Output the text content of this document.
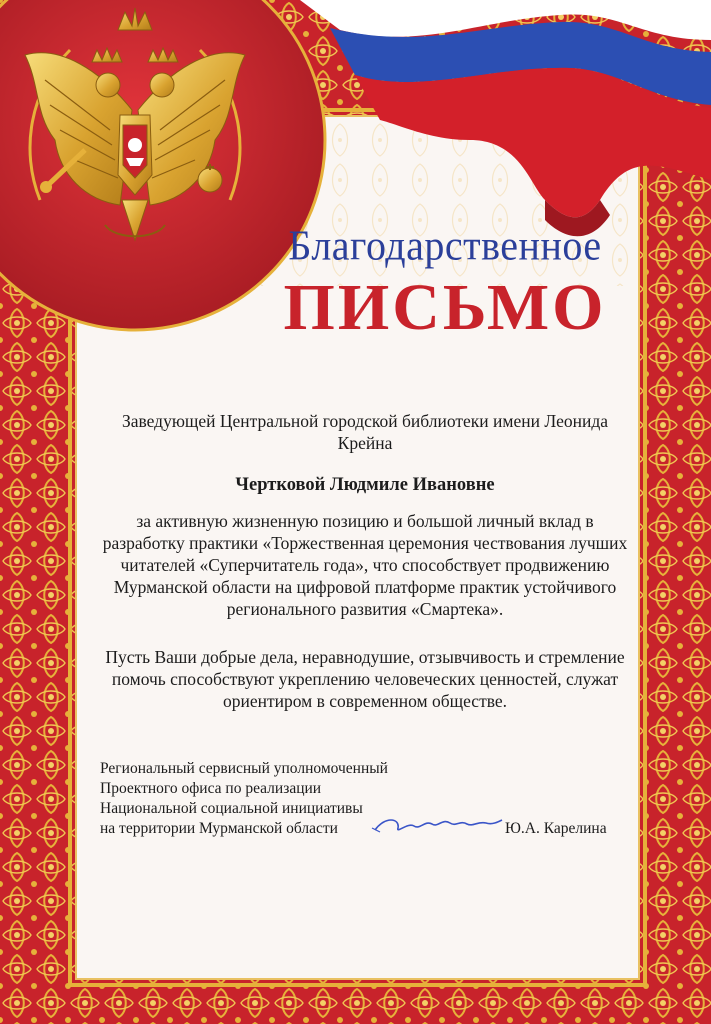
Благодарственное
ПИСЬМО
Заведующей Центральной городской библиотеки имени Леонида Крейна
Чертковой Людмиле Ивановне
за активную жизненную позицию и большой личный вклад в разработку практики «Торжественная церемония чествования лучших читателей «Суперчитатель года», что способствует продвижению Мурманской области на цифровой платформе практик устойчивого регионального развития «Смартека».
Пусть Ваши добрые дела, неравнодушие, отзывчивость и стремление помочь способствуют укреплению человеческих ценностей, служат ориентиром в современном обществе.
Региональный сервисный уполномоченный
Проектного офиса по реализации
Национальной социальной инициативы
на территории Мурманской области	Ю.А. Карелина
